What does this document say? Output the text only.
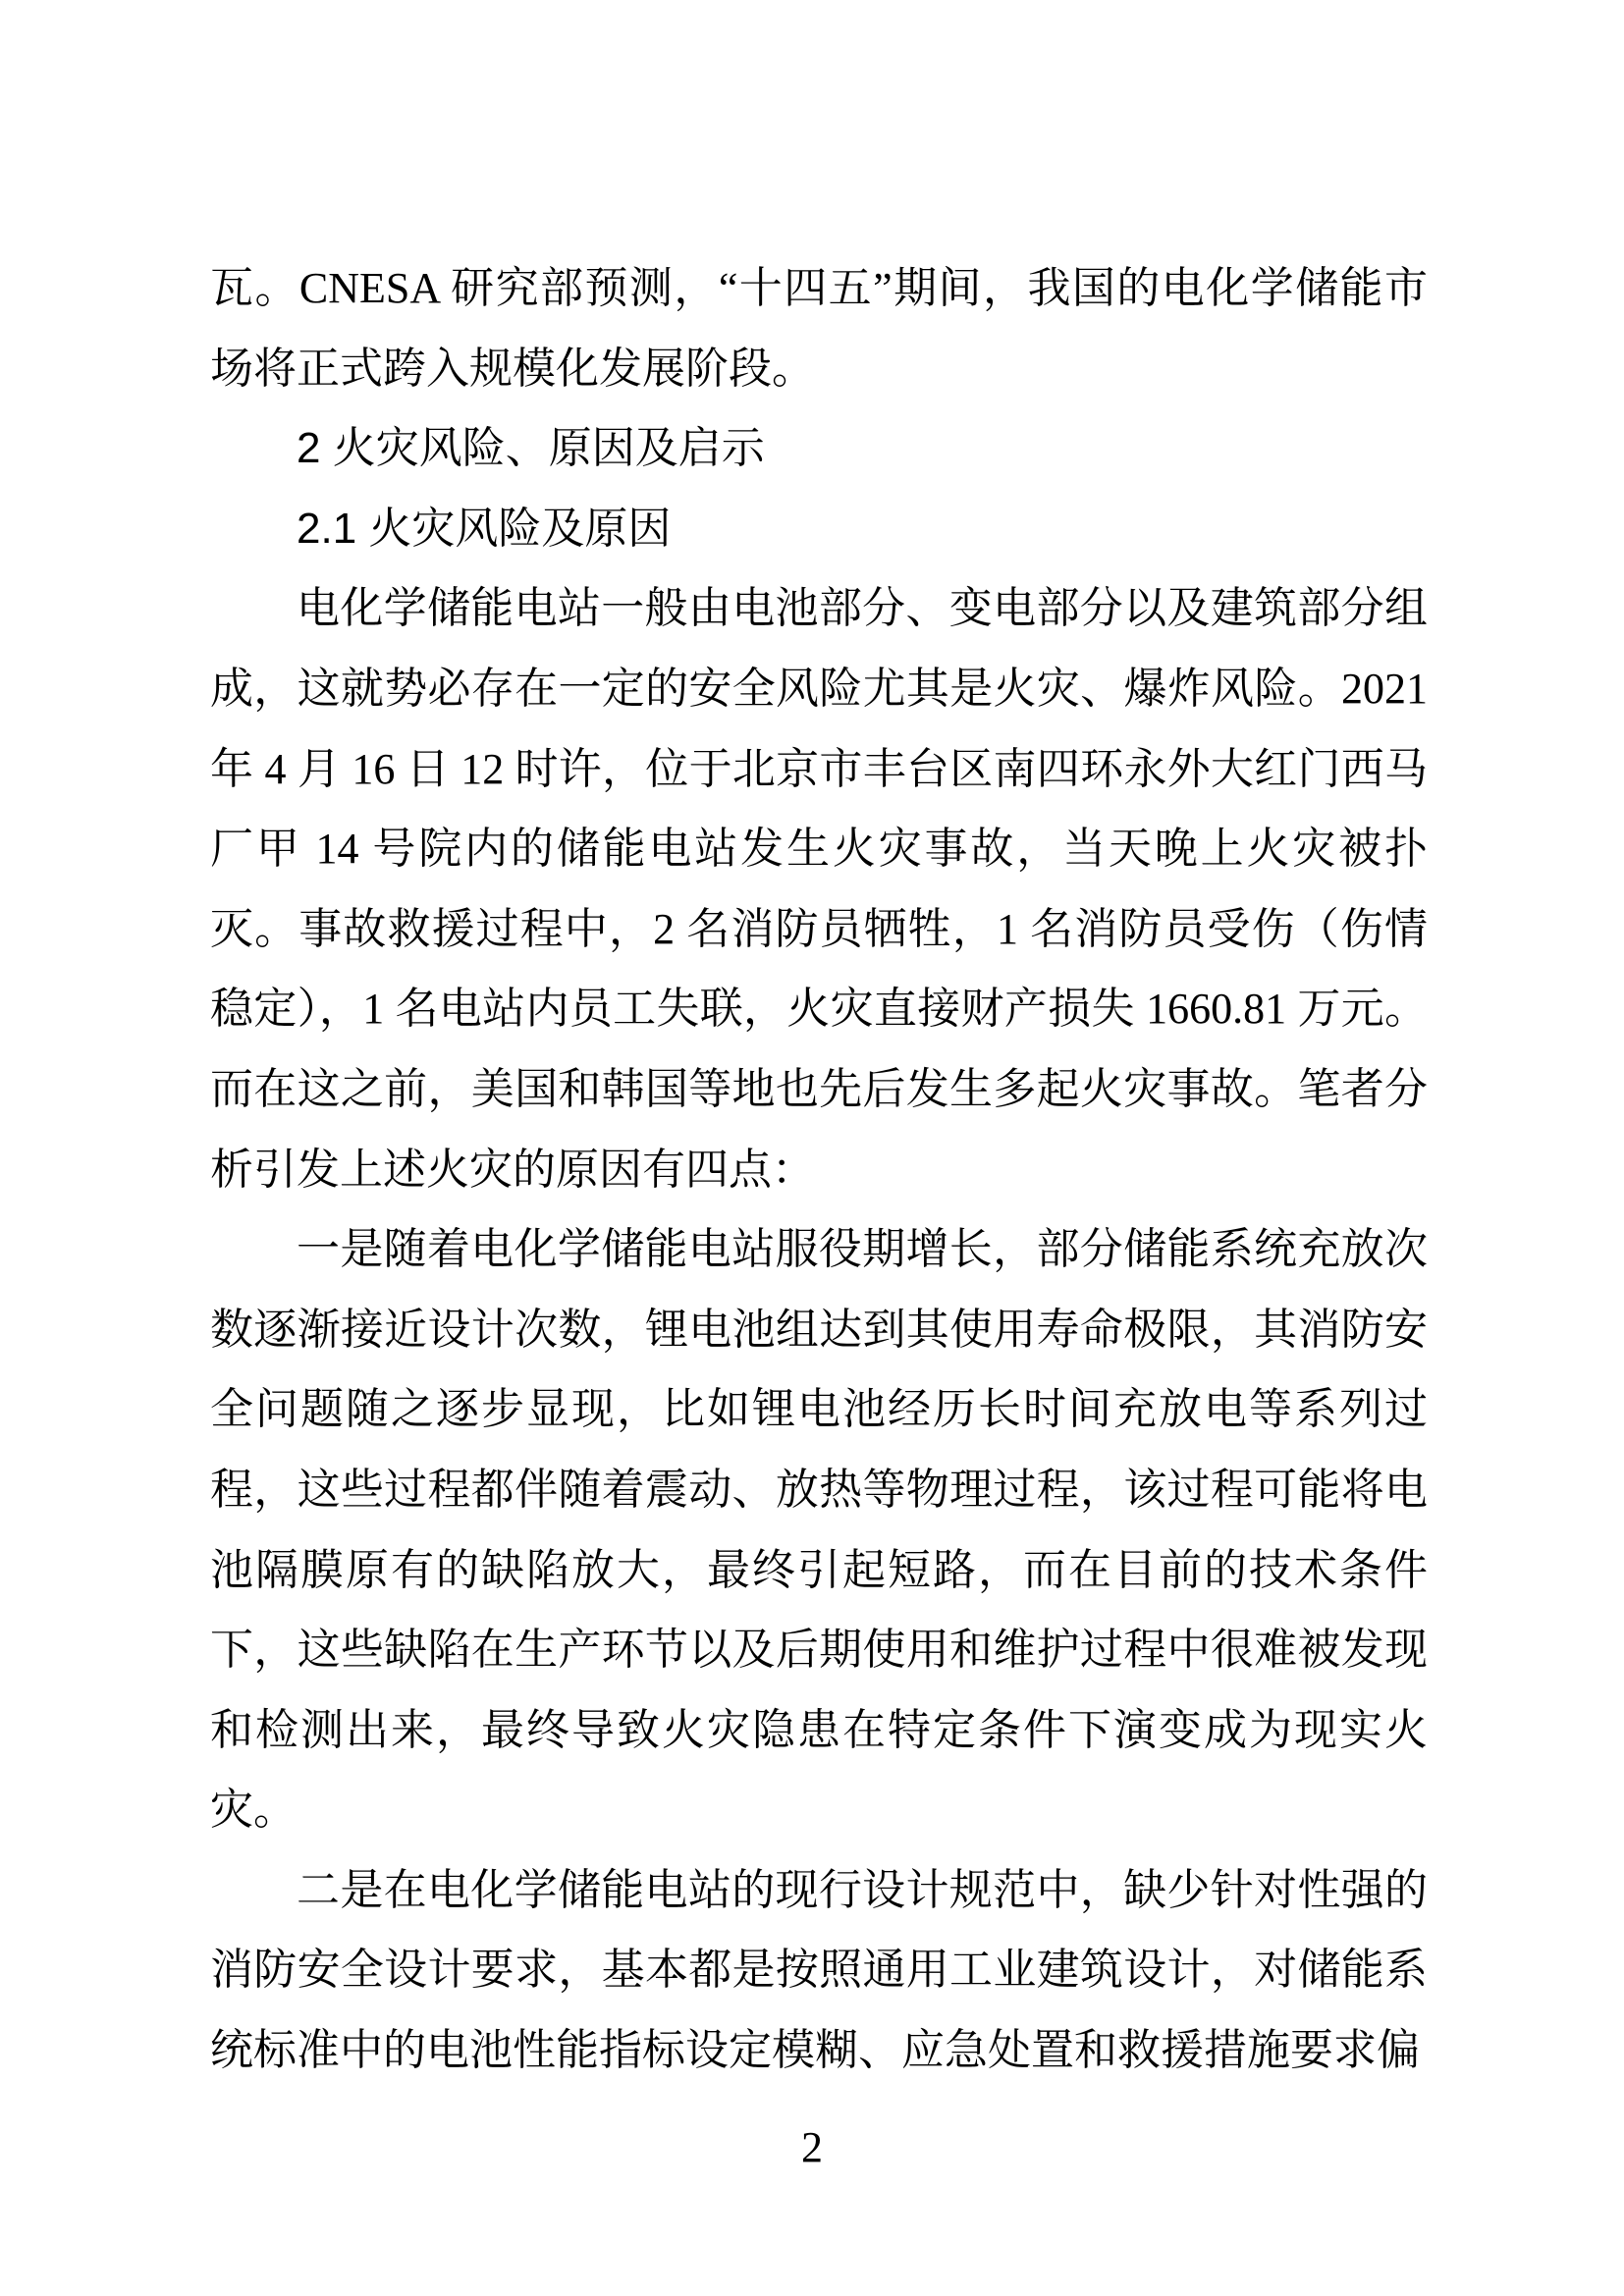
瓦。CNESA 研究部预测，“十四五”期间，我国的电化学储能市场将正式跨入规模化发展阶段。

2 火灾风险、原因及启示

2.1 火灾风险及原因

电化学储能电站一般由电池部分、变电部分以及建筑部分组成，这就势必存在一定的安全风险尤其是火灾、爆炸风险。2021 年 4 月 16 日 12 时许，位于北京市丰台区南四环永外大红门西马厂甲 14 号院内的储能电站发生火灾事故，当天晚上火灾被扑灭。事故救援过程中，2 名消防员牺牲，1 名消防员受伤（伤情稳定），1 名电站内员工失联，火灾直接财产损失 1660.81 万元。而在这之前，美国和韩国等地也先后发生多起火灾事故。笔者分析引发上述火灾的原因有四点：

一是随着电化学储能电站服役期增长，部分储能系统充放次数逐渐接近设计次数，锂电池组达到其使用寿命极限，其消防安全问题随之逐步显现，比如锂电池经历长时间充放电等系列过程，这些过程都伴随着震动、放热等物理过程，该过程可能将电池隔膜原有的缺陷放大，最终引起短路，而在目前的技术条件下，这些缺陷在生产环节以及后期使用和维护过程中很难被发现和检测出来，最终导致火灾隐患在特定条件下演变成为现实火灾。

二是在电化学储能电站的现行设计规范中，缺少针对性强的消防安全设计要求，基本都是按照通用工业建筑设计，对储能系统标准中的电池性能指标设定模糊、应急处置和救援措施要求偏

2
